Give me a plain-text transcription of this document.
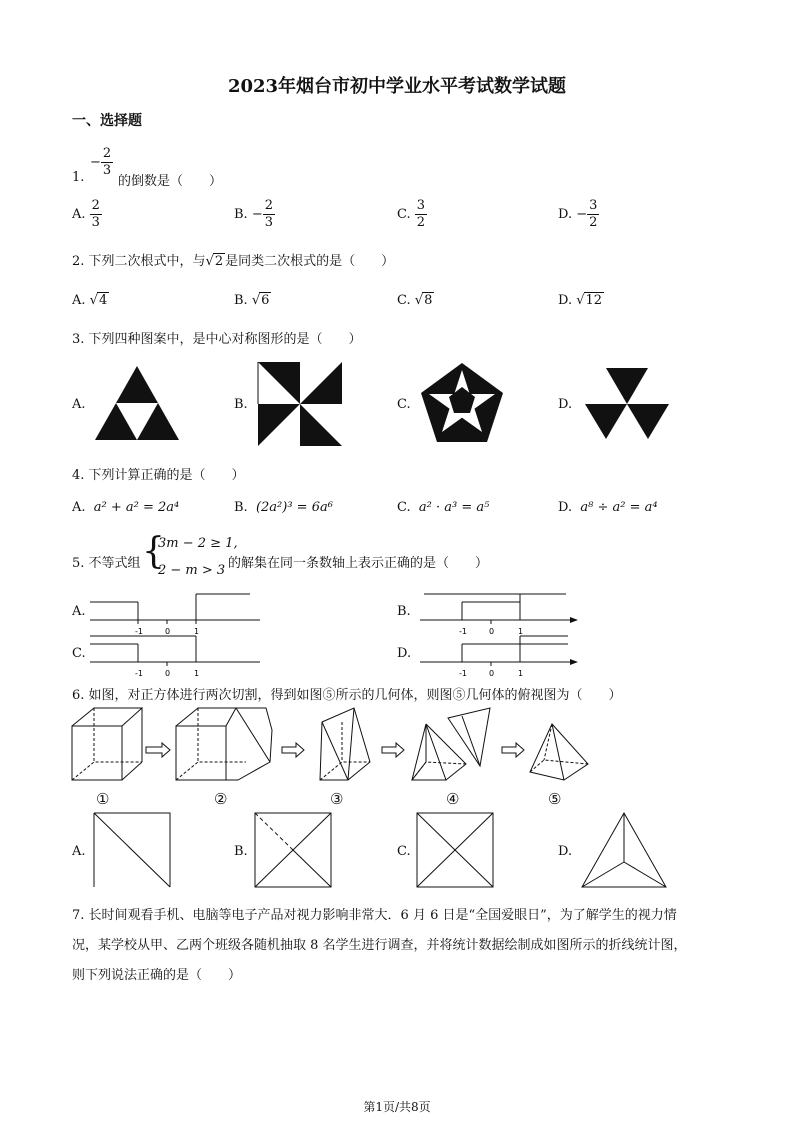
2023年烟台市初中学业水平考试数学试题
一、选择题
1.
− $\frac{2}{3}$
的倒数是（　　）
A. $\frac{2}{3}$	B. − $\frac{2}{3}$	C. $\frac{3}{2}$	D. − $\frac{3}{2}$
2. 下列二次根式中，与√2 是同类二次根式的是（　　）
A. √4	B. √6	C. √8	D. √12
3. 下列四种图案中，是中心对称图形的是（　　）
A.	B.	C.	D.
4. 下列计算正确的是（　　）
A. a² + a² = 2a⁴	B. (2a²)³ = 6a⁶	C. a² · a³ = a⁵	D. a⁸ ÷ a² = a⁴
5. 不等式组 {
3m − 2 ≥ 1,
2 − m > 3 的解集在同一条数轴上表示正确的是（　　）
A.	B.
C.	D.
-1	0	1	-1	0	1
-1	0	1	-1	0	1
6. 如图，对正方体进行两次切割，得到如图⑤所示的几何体，则图⑤几何体的俯视图为（　　）
①	②	③	④	⑤
A.	B.	C.	D.
7. 长时间观看手机、电脑等电子产品对视力影响非常大．6 月 6 日是“全国爱眼日”，为了解学生的视力情
况，某学校从甲、乙两个班级各随机抽取 8 名学生进行调查，并将统计数据绘制成如图所示的折线统计图，
则下列说法正确的是（　　）
第1页/共8页
